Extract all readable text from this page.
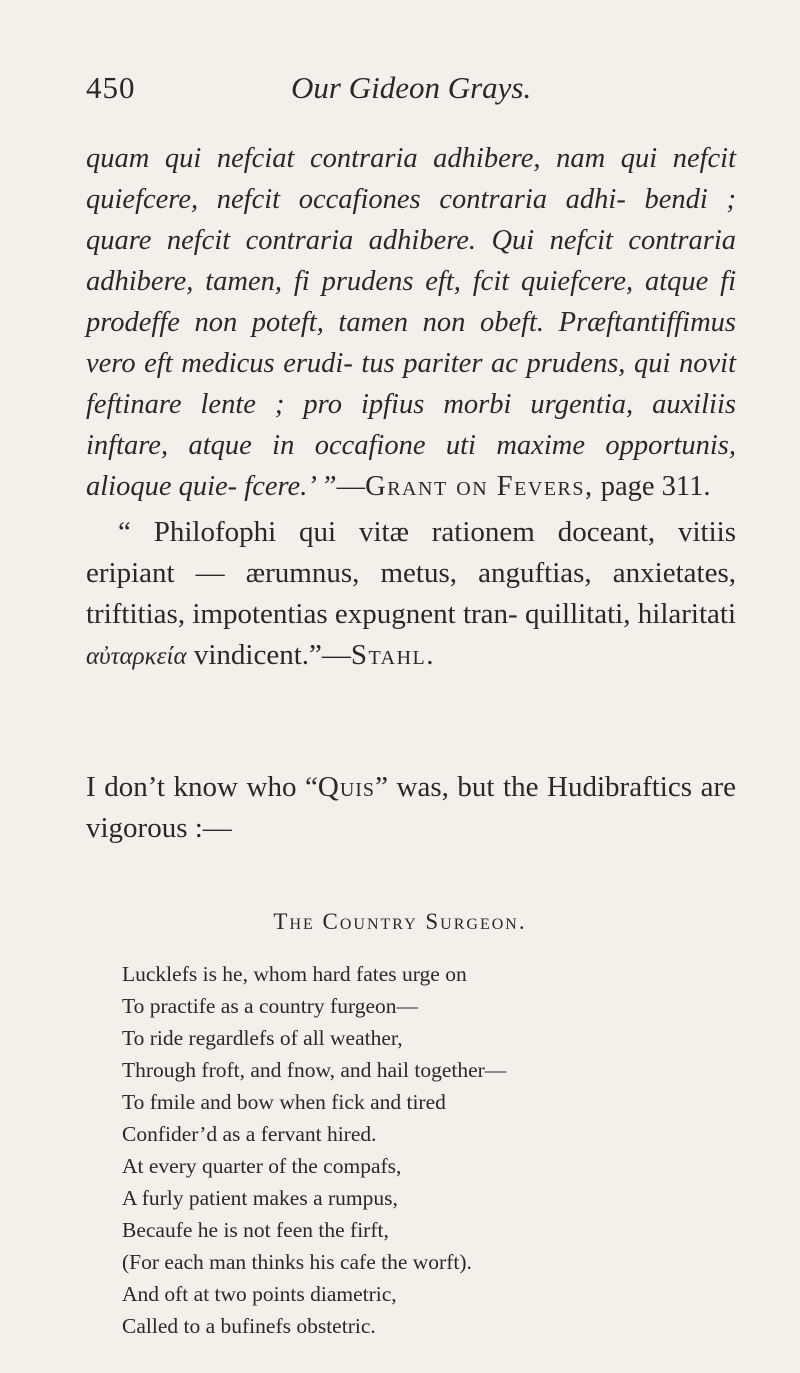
450	Our Gideon Grays.
quam qui nefciat contraria adhibere, nam qui nefcit quiefcere, nefcit occafiones contraria adhi- bendi ; quare nefcit contraria adhibere. Qui nefcit contraria adhibere, tamen, fi prudens eft, fcit quiefcere, atque fi prodeffe non poteft, tamen non obeft. Præftantiffimus vero eft medicus erudi- tus pariter ac prudens, qui novit feftinare lente ; pro ipfius morbi urgentia, auxiliis inftare, atque in occafione uti maxime opportunis, alioque quie- fcere.’ ”—Grant on Fevers, page 311.
“ Philofophi qui vitæ rationem doceant, vitiis eripiant — ærumnus, metus, anguftias, anxietates, triftitias, impotentias expugnent tran- quillitati, hilaritati αὐταρκεία vindicent.”—Stahl.
I don’t know who “Quis” was, but the Hudibraftics are vigorous :—
The Country Surgeon.
Lucklefs is he, whom hard fates urge on
To practife as a country furgeon—
To ride regardlefs of all weather,
Through froft, and fnow, and hail together—
To fmile and bow when fick and tired
Confider’d as a fervant hired.
At every quarter of the compafs,
A furly patient makes a rumpus,
Becaufe he is not feen the firft,
(For each man thinks his cafe the worft).
And oft at two points diametric,
Called to a bufinefs obstetric.
